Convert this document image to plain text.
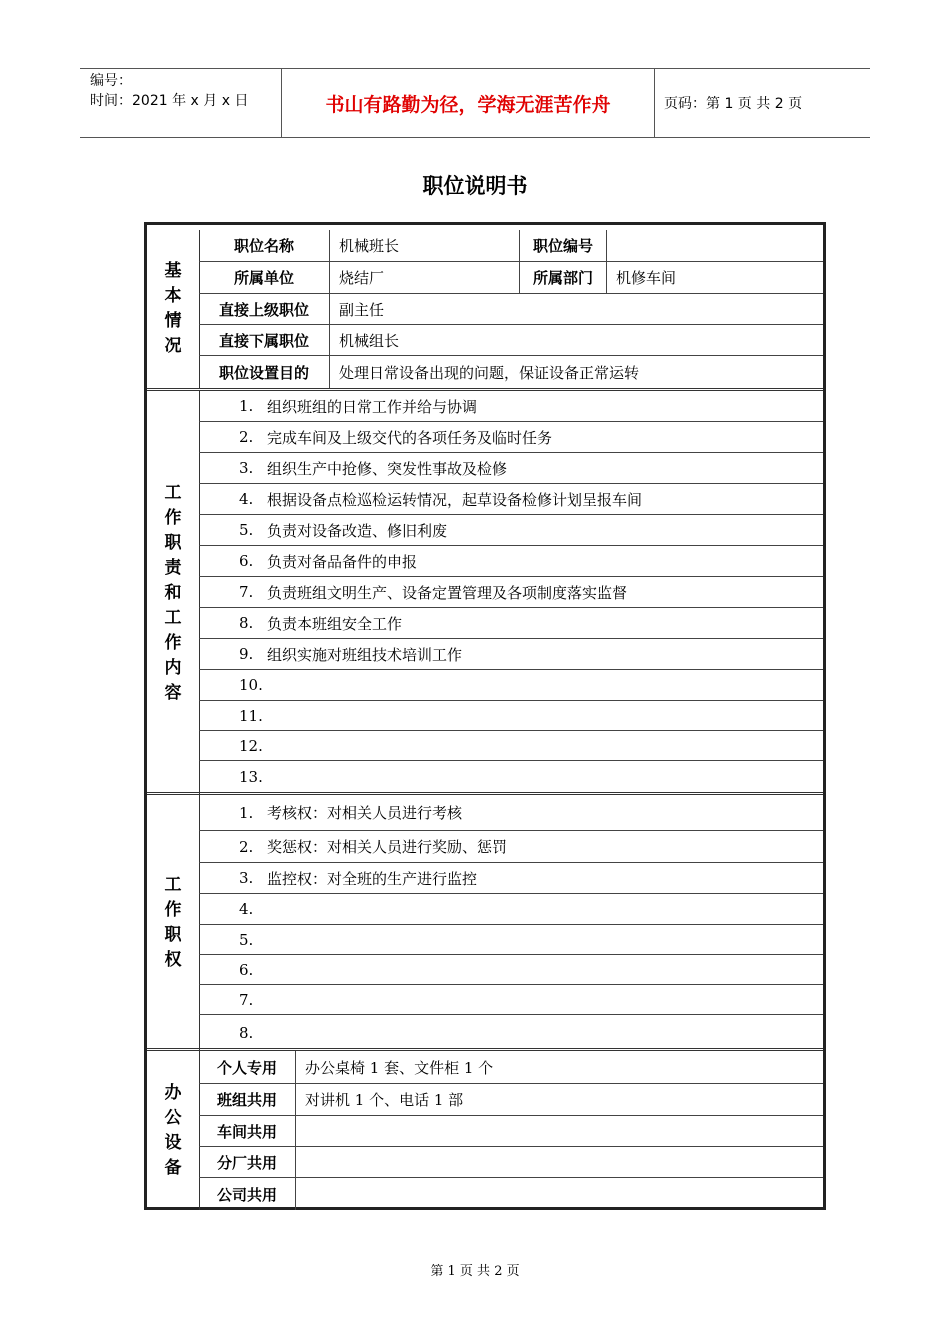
编号：
时间：2021 年 x 月 x 日	书山有路勤为径，学海无涯苦作舟	页码：第 1 页 共 2 页
职位说明书
基
本
情
况
职位名称	机械班长	职位编号
所属单位	烧结厂	所属部门	机修车间
直接上级职位	副主任
直接下属职位	机械组长
职位设置目的	处理日常设备出现的问题，保证设备正常运转
工
作
职
责
和
工
作
内
容
1. 组织班组的日常工作并给与协调
2. 完成车间及上级交代的各项任务及临时任务
3. 组织生产中抢修、突发性事故及检修
4. 根据设备点检巡检运转情况，起草设备检修计划呈报车间
5. 负责对设备改造、修旧利废
6. 负责对备品备件的申报
7. 负责班组文明生产、设备定置管理及各项制度落实监督
8. 负责本班组安全工作
9. 组织实施对班组技术培训工作
10.
11.
12.
13.
工
作
职
权
1. 考核权：对相关人员进行考核
2. 奖惩权：对相关人员进行奖励、惩罚
3. 监控权：对全班的生产进行监控
4.
5.
6.
7.
8.
办
公
设
备
个人专用	办公桌椅 1 套、文件柜 1 个
班组共用	对讲机 1 个、电话 1 部
车间共用
分厂共用
公司共用
第 1 页 共 2 页
